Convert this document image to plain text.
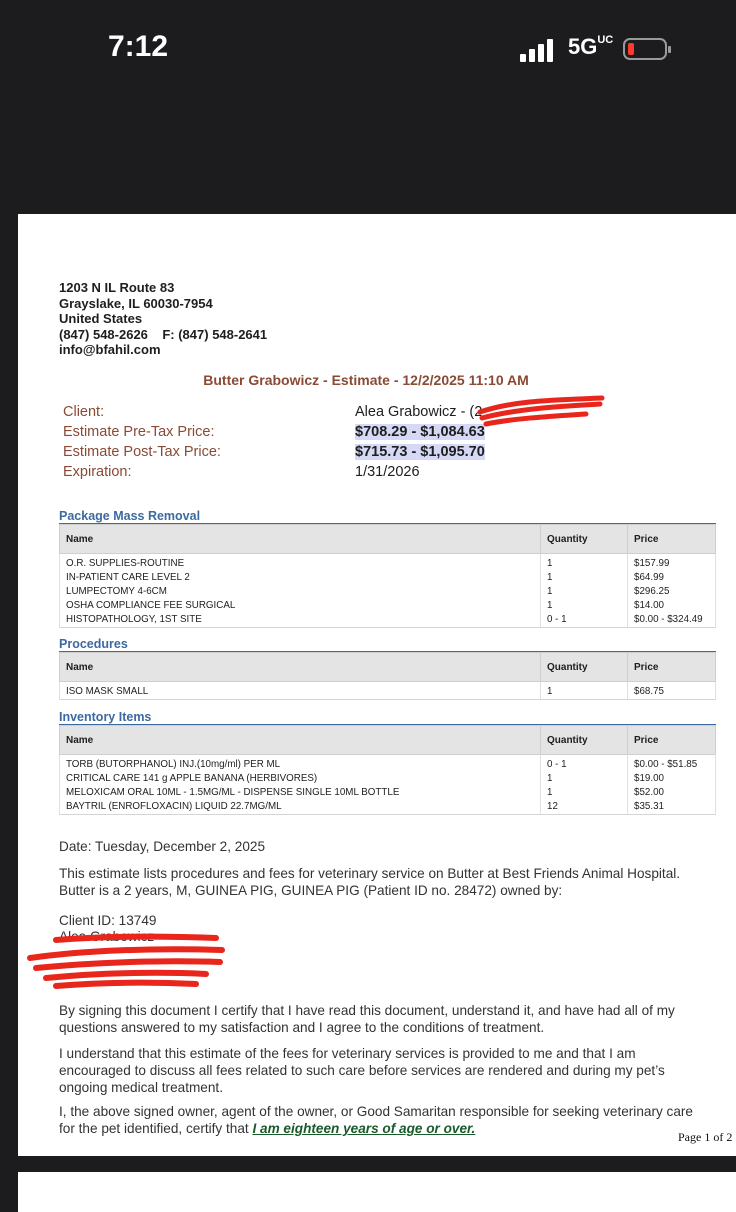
7:12	$5G^{UC}$
1203 N IL Route 83
Grayslake, IL 60030-7954
United States
(847) 548-2626    F: (847) 548-2641
info@bfahil.com
Butter Grabowicz - Estimate - 12/2/2025 11:10 AM
Client:	Alea Grabowicz - (2
Estimate Pre-Tax Price:	$708.29 - $1,084.63
Estimate Post-Tax Price:	$715.73 - $1,095.70
Expiration:	1/31/2026
Package Mass Removal
Name	Quantity	Price
O.R. SUPPLIES-ROUTINE	1	$157.99
IN-PATIENT CARE LEVEL 2	1	$64.99
LUMPECTOMY 4-6CM	1	$296.25
OSHA COMPLIANCE FEE SURGICAL	1	$14.00
HISTOPATHOLOGY, 1ST SITE	0 - 1	$0.00 - $324.49
Procedures
Name	Quantity	Price
ISO MASK SMALL	1	$68.75
Inventory Items
Name	Quantity	Price
TORB (BUTORPHANOL) INJ.(10mg/ml) PER ML	0 - 1	$0.00 - $51.85
CRITICAL CARE 141 g APPLE BANANA (HERBIVORES)	1	$19.00
MELOXICAM ORAL 10ML - 1.5MG/ML - DISPENSE SINGLE 10ML BOTTLE	1	$52.00
BAYTRIL (ENROFLOXACIN) LIQUID 22.7MG/ML	12	$35.31
Date: Tuesday, December 2, 2025
This estimate lists procedures and fees for veterinary service on Butter at Best Friends Animal Hospital. Butter is a 2 years, M, GUINEA PIG, GUINEA PIG (Patient ID no. 28472) owned by:
Client ID: 13749
Alea Grabowicz
By signing this document I certify that I have read this document, understand it, and have had all of my questions answered to my satisfaction and I agree to the conditions of treatment.
I understand that this estimate of the fees for veterinary services is provided to me and that I am encouraged to discuss all fees related to such care before services are rendered and during my pet’s ongoing medical treatment.
I, the above signed owner, agent of the owner, or Good Samaritan responsible for seeking veterinary care for the pet identified, certify that I am eighteen years of age or over.
Page 1 of 2
